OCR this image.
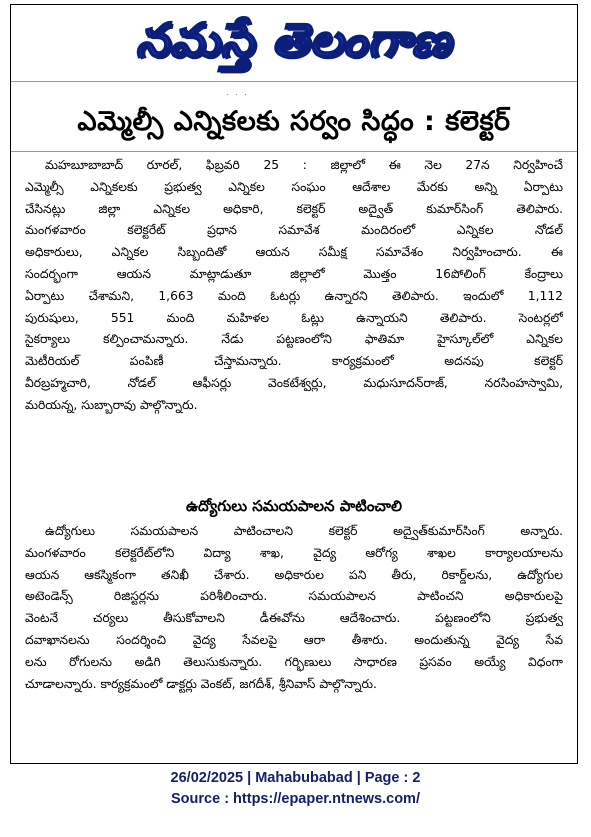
నమస్తే తెలంగాణ
. . .
ఎమ్మెల్సీ ఎన్నికలకు సర్వం సిద్ధం : కలెక్టర్
మహబూబాబాద్ రూరల్, ఫిబ్రవరి 25 : జిల్లాలో ఈ నెల 27న నిర్వహించే
ఎమ్మెల్సీ ఎన్నికలకు ప్రభుత్వ ఎన్నికల సంఘం ఆదేశాల మేరకు అన్ని ఏర్పాటు
చేసినట్లు జిల్లా ఎన్నికల అధికారి, కలెక్టర్ అద్వైత్ కుమార్‌సింగ్ తెలిపారు.
మంగళవారం కలెక్టరేట్ ప్రధాన సమావేశ మందిరంలో ఎన్నికల నోడల్
అధికారులు, ఎన్నికల సిబ్బందితో ఆయన సమీక్ష సమావేశం నిర్వహించారు. ఈ
సందర్భంగా ఆయన మాట్లాడుతూ జిల్లాలో మొత్తం 16పోలింగ్ కేంద్రాలు
ఏర్పాటు చేశామని, 1,663 మంది ఓటర్లు ఉన్నారని తెలిపారు. ఇందులో 1,112
పురుషులు, 551 మంది మహిళల ఓట్లు ఉన్నాయని తెలిపారు. సెంటర్లలో
సైకర్యాలు కల్పించామన్నారు. నేడు పట్టణంలోని ఫాతిమా హైస్కూల్‌లో ఎన్నికల
మెటీరియల్ పంపిణీ చేస్తామన్నారు. కార్యక్రమంలో అదనపు కలెక్టర్
వీరబ్రహ్మచారి, నోడల్ ఆఫీసర్లు వెంకటేశ్వర్లు, మధుసూదన్‌రాజ్, నరసింహస్వామి,
మరియన్న, సుబ్బారావు పాల్గొన్నారు.
ఉద్యోగులు సమయపాలన పాటించాలి
ఉద్యోగులు సమయపాలన పాటించాలని కలెక్టర్ అద్వైత్‌కుమార్‌సింగ్ అన్నారు.
మంగళవారం కలెక్టరేట్‌లోని విద్యా శాఖ, వైద్య ఆరోగ్య శాఖల కార్యాలయాలను
ఆయన ఆకస్మికంగా తనిఖీ చేశారు. అధికారుల పని తీరు, రికార్డ్‌లను, ఉద్యోగుల
అటెండెన్స్ రిజిస్టర్లను పరిశీలించారు. సమయపాలన పాటించని అధికారులపై
వెంటనే చర్యలు తీసుకోవాలని డీఈవోను ఆదేశించారు. పట్టణంలోని ప్రభుత్వ
దవాఖానలను సందర్శించి వైద్య సేవలపై ఆరా తీశారు. అందుతున్న వైద్య సేవ
లను రోగులను అడిగి తెలుసుకున్నారు. గర్భిణులు సాధారణ ప్రసవం అయ్యే విధంగా
చూడాలన్నారు. కార్యక్రమంలో డాక్టర్లు వెంకట్, జగదీశ్, శ్రీనివాస్ పాల్గొన్నారు.
26/02/2025 | Mahabubabad | Page : 2
Source : https://epaper.ntnews.com/
